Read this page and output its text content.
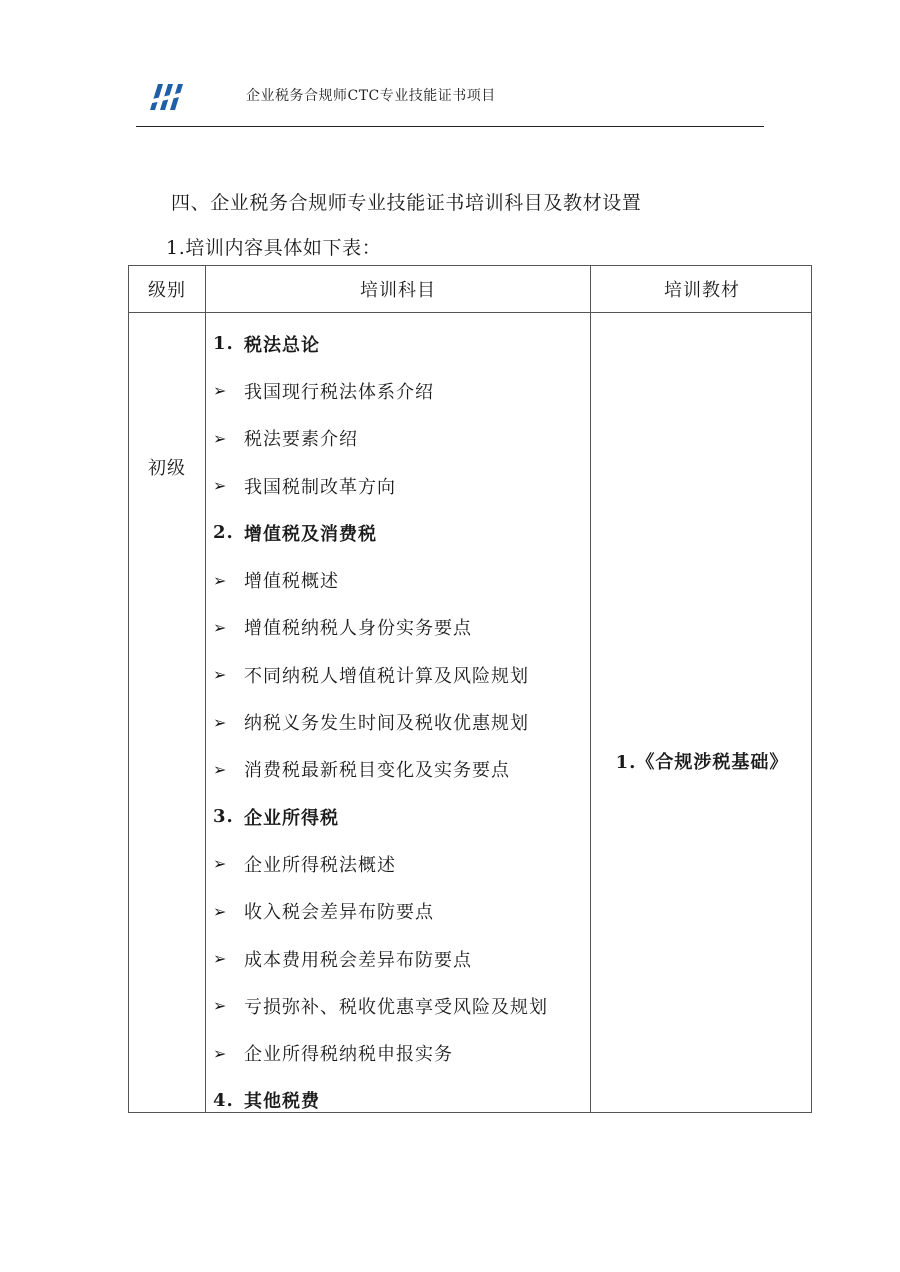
企业税务合规师CTC专业技能证书项目
四、企业税务合规师专业技能证书培训科目及教材设置
1.培训内容具体如下表：
级别	培训科目	培训教材
初级
1. 税法总论
➢ 我国现行税法体系介绍
➢ 税法要素介绍
➢ 我国税制改革方向
2. 增值税及消费税
➢ 增值税概述
➢ 增值税纳税人身份实务要点
➢ 不同纳税人增值税计算及风险规划
➢ 纳税义务发生时间及税收优惠规划
➢ 消费税最新税目变化及实务要点
3. 企业所得税
➢ 企业所得税法概述
➢ 收入税会差异布防要点
➢ 成本费用税会差异布防要点
➢ 亏损弥补、税收优惠享受风险及规划
➢ 企业所得税纳税申报实务
4. 其他税费
1.《合规涉税基础》
